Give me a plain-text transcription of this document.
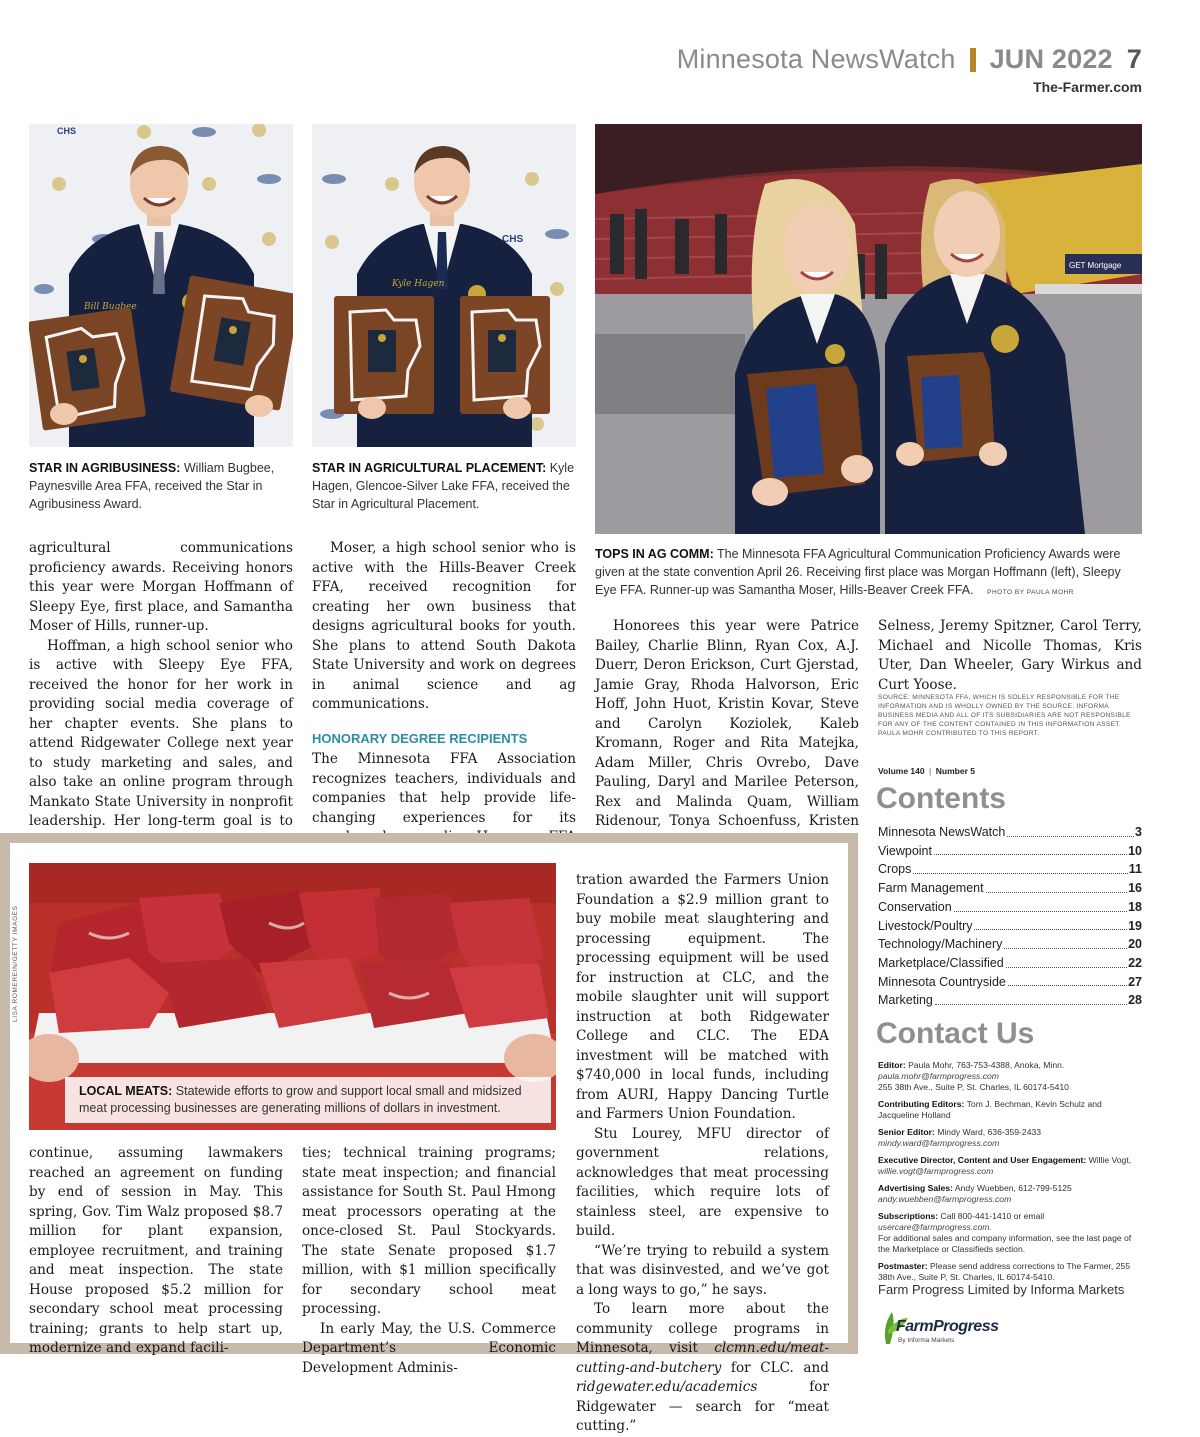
Minnesota NewsWatch JUN 2022 7
The-Farmer.com
CHS
Bill Bugbee
STAR IN AGRIBUSINESS: William Bugbee, Paynesville Area FFA, received the Star in Agribusiness Award.
CHS
Kyle Hagen
STAR IN AGRICULTURAL PLACEMENT: Kyle Hagen, Glencoe-Silver Lake FFA, received the Star in Agricultural Placement.
GET Mortgage
TOPS IN AG COMM: The Minnesota FFA Agricultural Communication Proficiency Awards were given at the state convention April 26. Receiving first place was Morgan Hoffmann (left), Sleepy Eye FFA. Runner-up was Samantha Moser, Hills-Beaver Creek FFA. PHOTO BY PAULA MOHR

agricultural communications proficiency awards. Receiving honors this year were Morgan Hoffmann of Sleepy Eye, first place, and Samantha Moser of Hills, runner-up.

Hoffman, a high school senior who is active with Sleepy Eye FFA, received the honor for her work in providing social media coverage of her chapter events. She plans to attend Ridgewater College next year to study marketing and sales, and also take an online program through Mankato State University in nonprofit leadership. Her long-term goal is to

Moser, a high school senior who is active with the Hills-Beaver Creek FFA, received recognition for creating her own business that designs agricultural books for youth. She plans to attend South Dakota State University and work on degrees in animal science and ag communications.

HONORARY DEGREE RECIPIENTS

The Minnesota FFA Association recognizes teachers, individuals and companies that help provide life-changing experiences for its

Honorees this year were Patrice Bailey, Charlie Blinn, Ryan Cox, A.J. Duerr, Deron Erickson, Curt Gjerstad, Jamie Gray, Rhoda Halvorson, Eric Hoff, John Huot, Kristin Kovar, Steve and Carolyn Koziolek, Kaleb Kromann, Roger and Rita Matejka, Adam Miller, Chris Ovrebo, Dave Pauling, Daryl and Marilee Peterson, Rex and Malinda Quam, William Ridenour, Tonya Schoenfuss, Kristen

Selness, Jeremy Spitzner, Carol Terry, Michael and Nicolle Thomas, Kris Uter, Dan Wheeler, Gary Wirkus and Curt Yoose.

SOURCE: MINNESOTA FFA, WHICH IS SOLELY RESPONSIBLE FOR THE INFORMATION AND IS WHOLLY OWNED BY THE SOURCE. INFORMA BUSINESS MEDIA AND ALL OF ITS SUBSIDIARIES ARE NOT RESPONSIBLE FOR ANY OF THE CONTENT CONTAINED IN THIS INFORMATION ASSET. PAULA MOHR CONTRIBUTED TO THIS REPORT.
Volume 140 | Number 5
Contents
Minnesota NewsWatch	3
Viewpoint	10
Crops	11
Farm Management	16
Conservation	18
Livestock/Poultry	19
Technology/Machinery	20
Marketplace/Classified	22
Minnesota Countryside	27
Marketing	28
Contact Us

Editor: Paula Mohr, 763-753-4388, Anoka, Minn.
paula.mohr@farmprogress.com
255 38th Ave., Suite P, St. Charles, IL 60174-5410

Contributing Editors: Tom J. Bechman, Kevin Schulz and Jacqueline Holland

Senior Editor: Mindy Ward, 636-359-2433
mindy.ward@farmprogress.com

Executive Director, Content and User Engagement: Willie Vogt, willie.vogt@farmprogress.com

Advertising Sales: Andy Wuebben, 612-799-5125
andy.wuebben@farmprogress.com

Subscriptions: Call 800-441-1410 or email usercare@farmprogress.com.
For additional sales and company information, see the last page of the Marketplace or Classifieds section.

Postmaster: Please send address corrections to The Farmer, 255 38th Ave., Suite P, St. Charles, IL 60174-5410.

Farm Progress Limited by Informa Markets
FarmProgress
By Informa Markets
LISA ROMEREIN/GETTY IMAGES
LOCAL MEATS: Statewide efforts to grow and support local small and midsized meat processing businesses are generating millions of dollars in investment.

continue, assuming lawmakers reached an agreement on funding by end of session in May. This spring, Gov. Tim Walz proposed $8.7 million for plant expansion, employee recruitment, and training and meat inspection. The state House proposed $5.2 million for secondary school meat processing training; grants to help start up, modernize and expand facili-

ties; technical training programs; state meat inspection; and financial assistance for South St. Paul Hmong meat processors operating at the once-closed St. Paul Stockyards. The state Senate proposed $1.7 million, with $1 million specifically for secondary school meat processing.

In early May, the U.S. Commerce Department’s Economic Development Adminis-

tration awarded the Farmers Union Foundation a $2.9 million grant to buy mobile meat slaughtering and processing equipment. The processing equipment will be used for instruction at CLC, and the mobile slaughter unit will support instruction at both Ridgewater College and CLC. The EDA investment will be matched with $740,000 in local funds, including from AURI, Happy Dancing Turtle and Farmers Union Foundation.

Stu Lourey, MFU director of government relations, acknowledges that meat processing facilities, which require lots of stainless steel, are expensive to build.

“We’re trying to rebuild a system that was disinvested, and we’ve got a long ways to go,” he says.

To learn more about the community college programs in Minnesota, visit clcmn.edu/meat-cutting-and-butchery for CLC. and ridgewater.edu/academics for Ridgewater — search for “meat cutting.”
